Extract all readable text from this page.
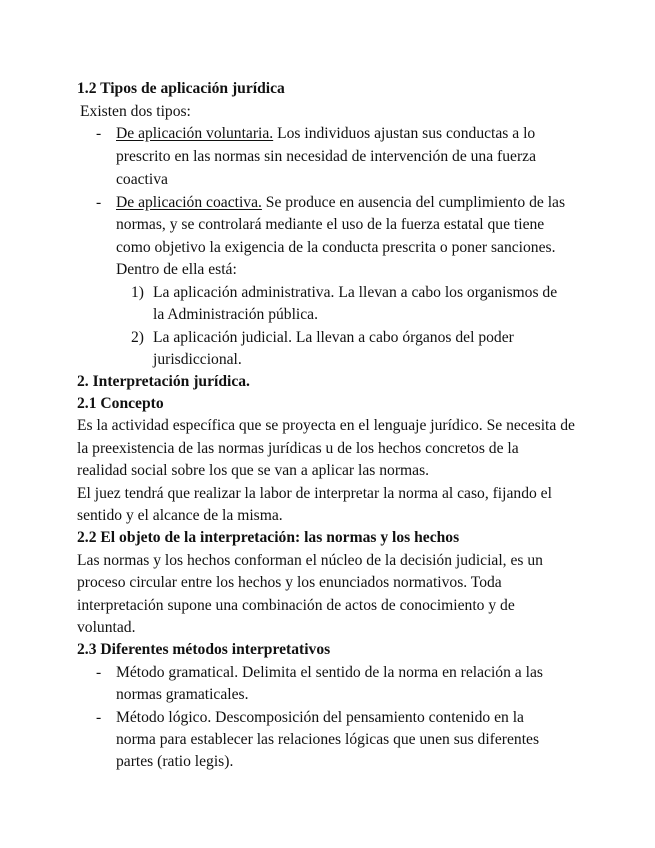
1.2 Tipos de aplicación jurídica
Existen dos tipos:
- De aplicación voluntaria. Los individuos ajustan sus conductas a lo
prescrito en las normas sin necesidad de intervención de una fuerza
coactiva
- De aplicación coactiva. Se produce en ausencia del cumplimiento de las
normas, y se controlará mediante el uso de la fuerza estatal que tiene
como objetivo la exigencia de la conducta prescrita o poner sanciones.
Dentro de ella está:
1) La aplicación administrativa. La llevan a cabo los organismos de
la Administración pública.
2) La aplicación judicial. La llevan a cabo órganos del poder
jurisdiccional.
2. Interpretación jurídica.
2.1 Concepto
Es la actividad específica que se proyecta en el lenguaje jurídico. Se necesita de
la preexistencia de las normas jurídicas u de los hechos concretos de la
realidad social sobre los que se van a aplicar las normas.
El juez tendrá que realizar la labor de interpretar la norma al caso, fijando el
sentido y el alcance de la misma.
2.2 El objeto de la interpretación: las normas y los hechos
Las normas y los hechos conforman el núcleo de la decisión judicial, es un
proceso circular entre los hechos y los enunciados normativos. Toda
interpretación supone una combinación de actos de conocimiento y de
voluntad.
2.3 Diferentes métodos interpretativos
- Método gramatical. Delimita el sentido de la norma en relación a las
normas gramaticales.
- Método lógico. Descomposición del pensamiento contenido en la
norma para establecer las relaciones lógicas que unen sus diferentes
partes (ratio legis).
